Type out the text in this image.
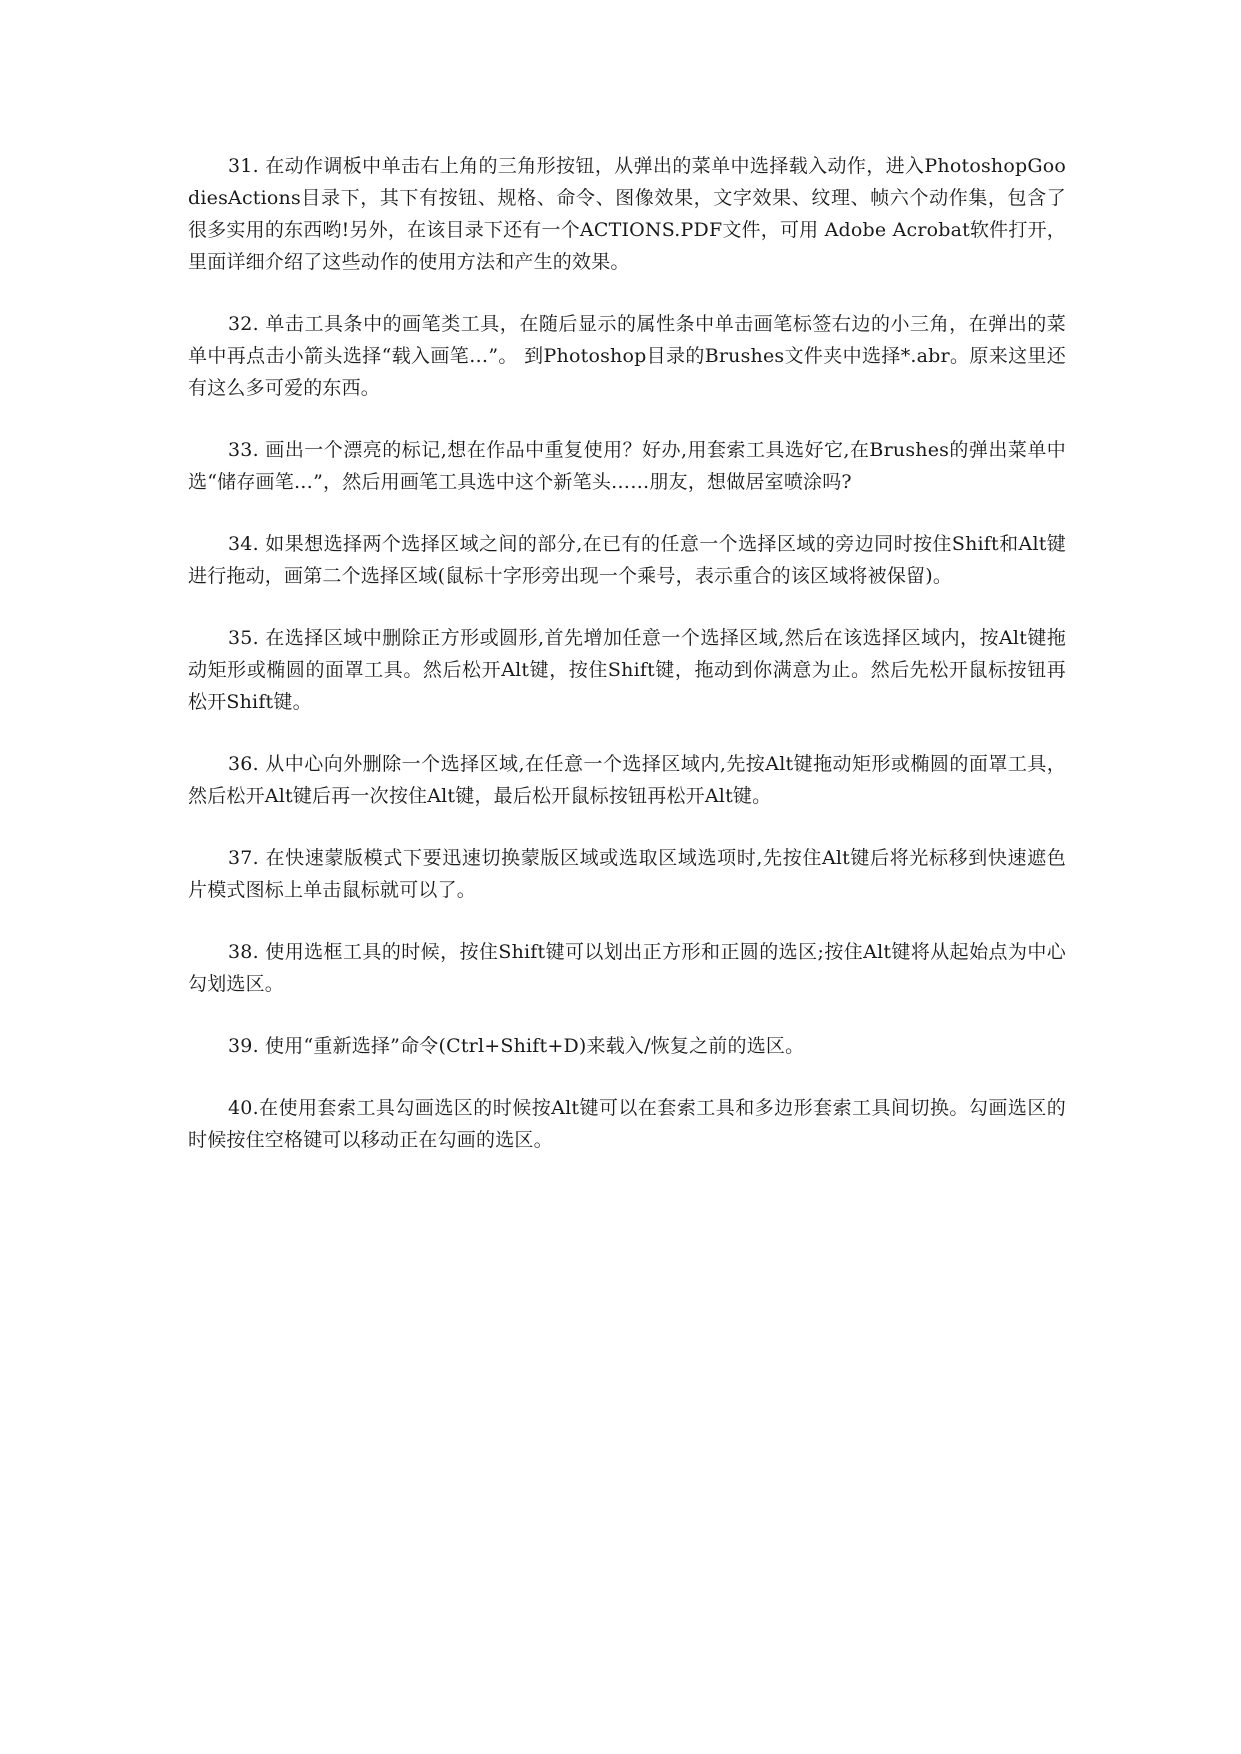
31. 在动作调板中单击右上角的三角形按钮，从弹出的菜单中选择载入动作，进入PhotoshopGoodiesActions目录下，其下有按钮、规格、命令、图像效果，文字效果、纹理、帧六个动作集，包含了很多实用的东西哟!另外，在该目录下还有一个ACTIONS.PDF文件，可用 Adobe Acrobat软件打开，里面详细介绍了这些动作的使用方法和产生的效果。

32. 单击工具条中的画笔类工具，在随后显示的属性条中单击画笔标签右边的小三角，在弹出的菜单中再点击小箭头选择“载入画笔…”。 到Photoshop目录的Brushes文件夹中选择*.abr。原来这里还有这么多可爱的东西。

33. 画出一个漂亮的标记,想在作品中重复使用？好办,用套索工具选好它,在Brushes的弹出菜单中选“储存画笔…”，然后用画笔工具选中这个新笔头……朋友，想做居室喷涂吗?

34. 如果想选择两个选择区域之间的部分,在已有的任意一个选择区域的旁边同时按住Shift和Alt键进行拖动，画第二个选择区域(鼠标十字形旁出现一个乘号，表示重合的该区域将被保留)。

35. 在选择区域中删除正方形或圆形,首先增加任意一个选择区域,然后在该选择区域内，按Alt键拖动矩形或椭圆的面罩工具。然后松开Alt键，按住Shift键，拖动到你满意为止。然后先松开鼠标按钮再松开Shift键。

36. 从中心向外删除一个选择区域,在任意一个选择区域内,先按Alt键拖动矩形或椭圆的面罩工具，然后松开Alt键后再一次按住Alt键，最后松开鼠标按钮再松开Alt键。

37. 在快速蒙版模式下要迅速切换蒙版区域或选取区域选项时,先按住Alt键后将光标移到快速遮色片模式图标上单击鼠标就可以了。

38. 使用选框工具的时候，按住Shift键可以划出正方形和正圆的选区;按住Alt键将从起始点为中心勾划选区。

39. 使用“重新选择”命令(Ctrl+Shift+D)来载入/恢复之前的选区。

40.在使用套索工具勾画选区的时候按Alt键可以在套索工具和多边形套索工具间切换。勾画选区的时候按住空格键可以移动正在勾画的选区。
